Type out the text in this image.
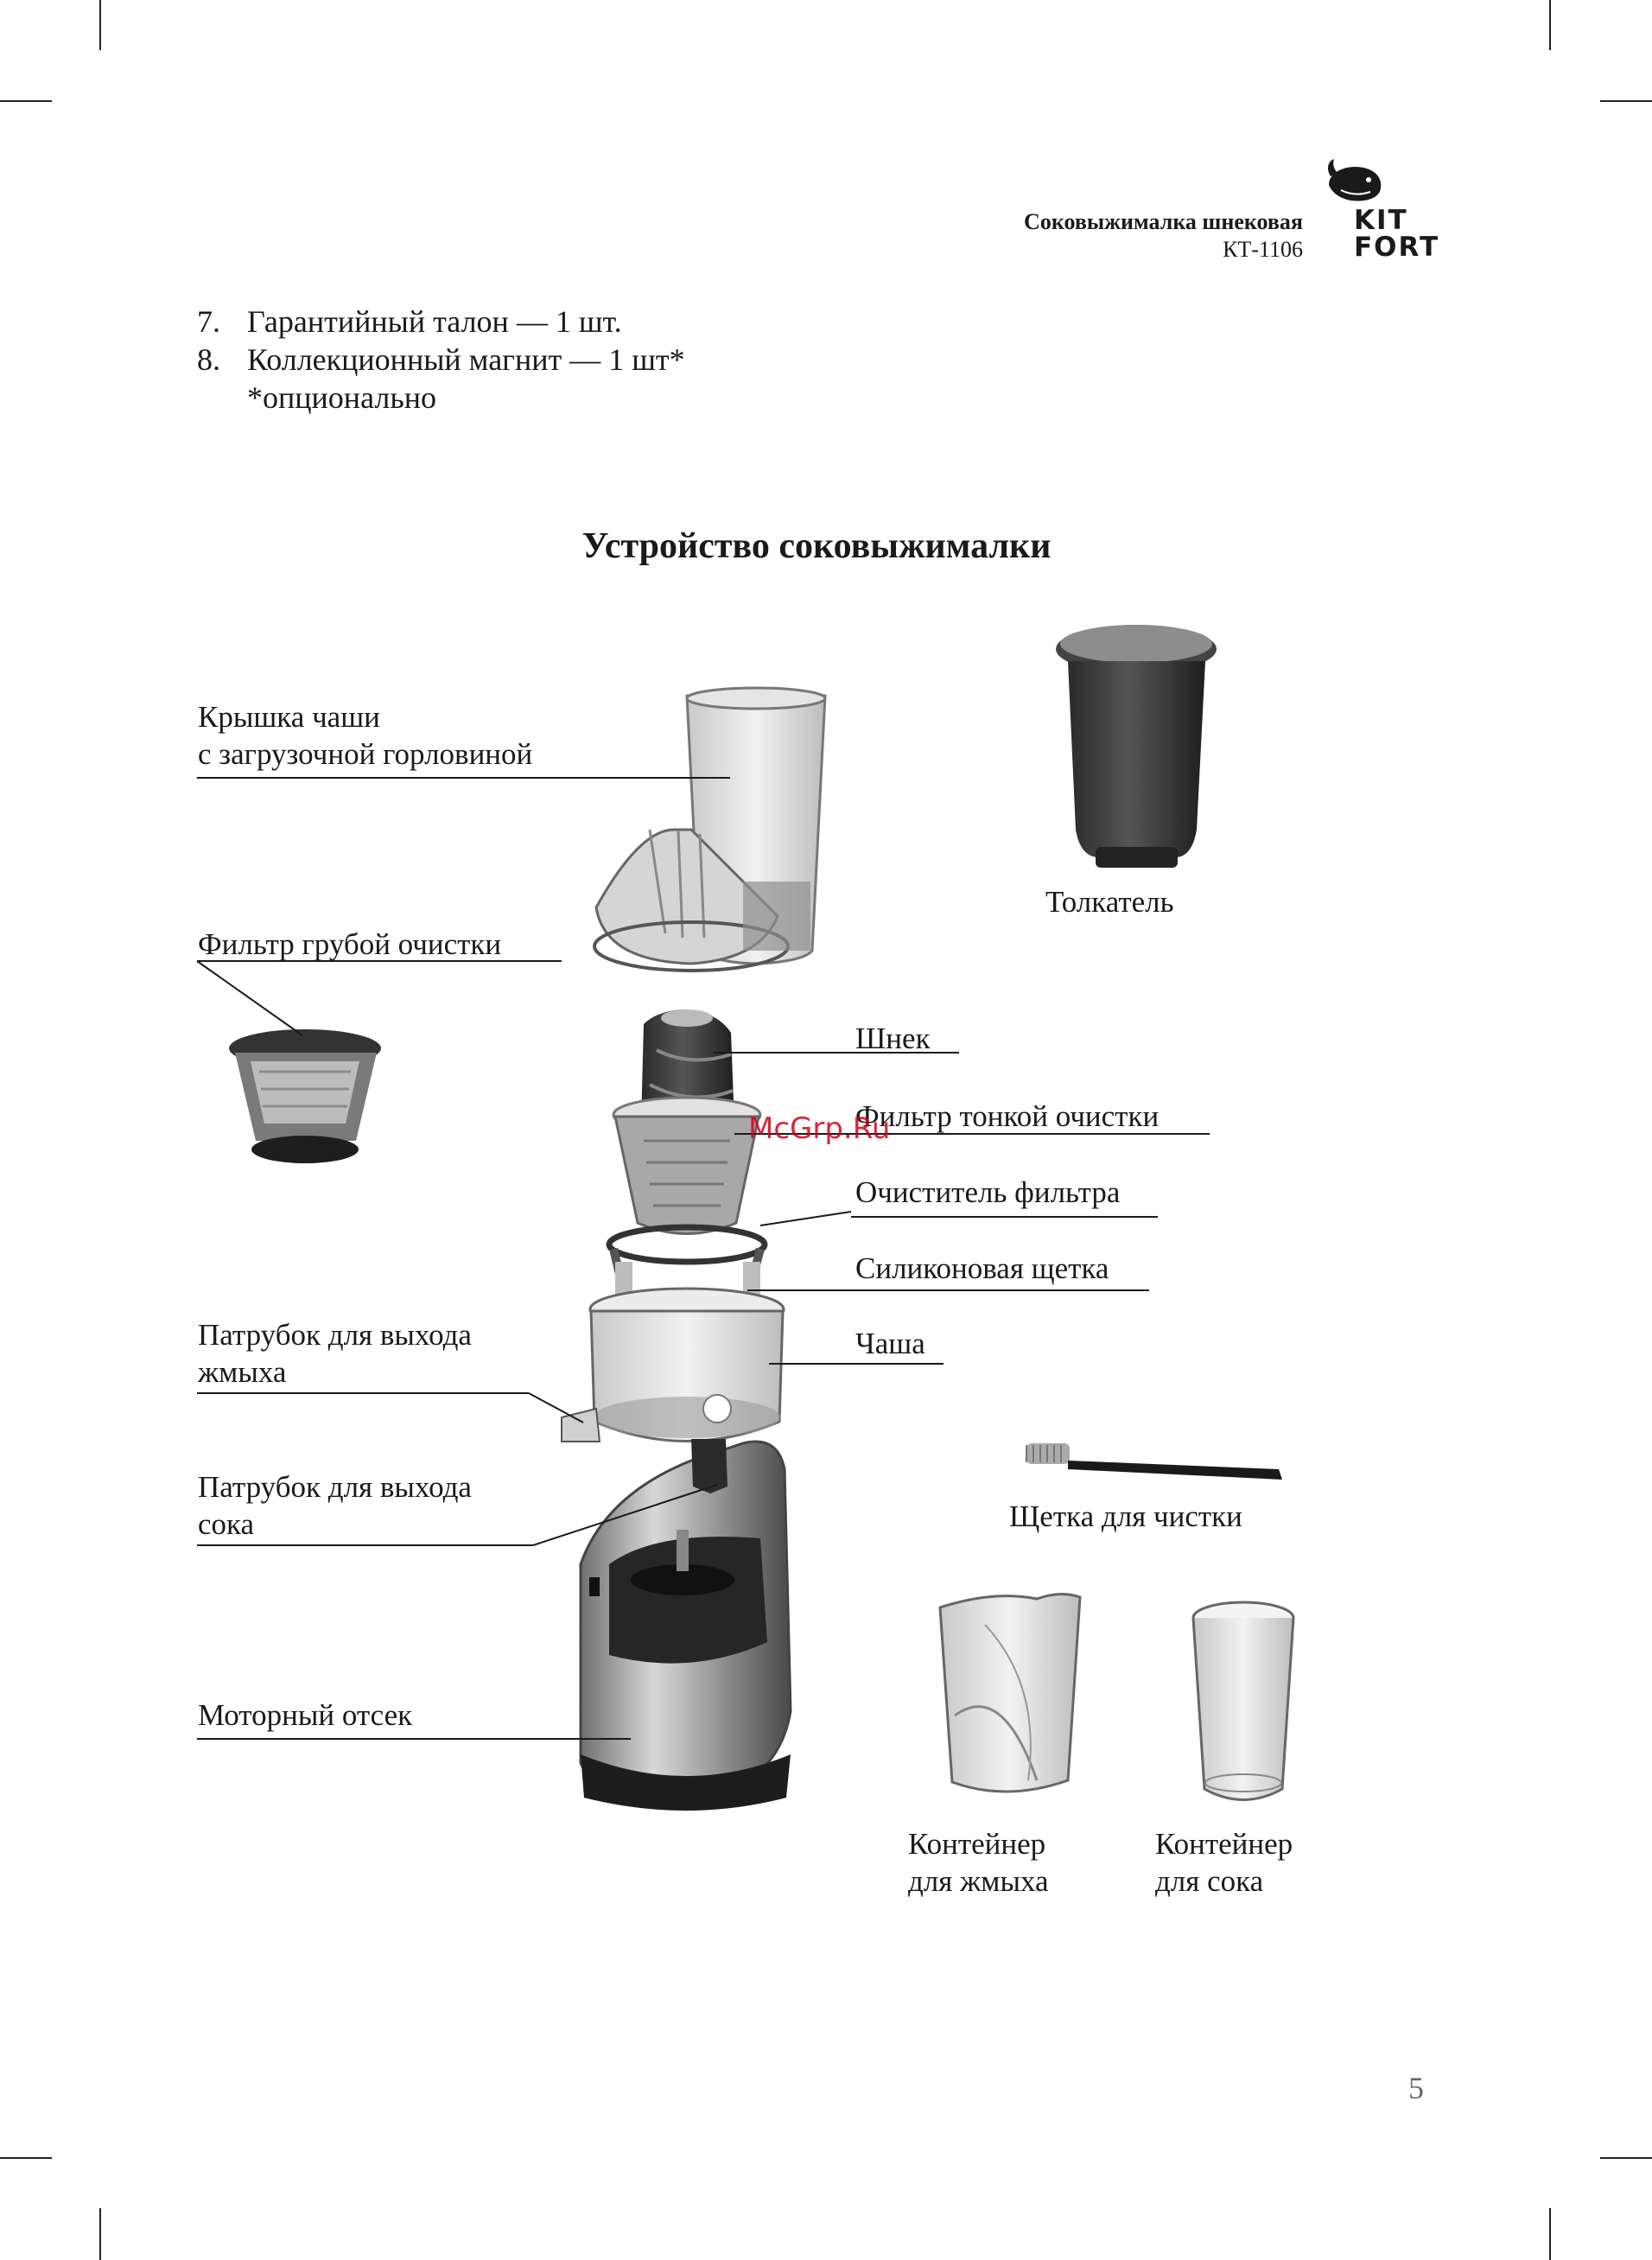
Соковыжималка шнековая
КТ-1106
KIT
FORT
7. Гарантийный талон — 1 шт.
8. Коллекционный магнит — 1 шт*
*опционально
Устройство соковыжималки
Крышка чаши
с загрузочной горловиной
Фильтр грубой очистки
Толкатель
Шнек
Фильтр тонкой очистки
Очиститель фильтра
Силиконовая щетка
Чаша
Патрубок для выхода
жмыха
Патрубок для выхода
сока	Щетка для чистки
Моторный отсек
Контейнер
для жмыха
Контейнер
для сока
McGrp.Ru
5
